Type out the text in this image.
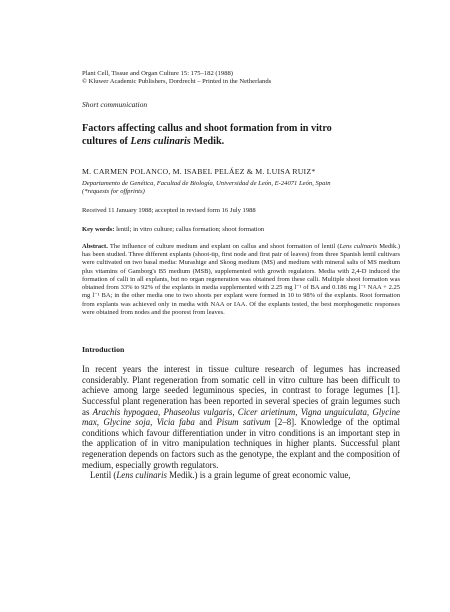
Plant Cell, Tissue and Organ Culture 15: 175–182 (1988)
© Kluwer Academic Publishers, Dordrecht – Printed in the Netherlands
Short communication
Factors affecting callus and shoot formation from in vitro
cultures of Lens culinaris Medik.
M. CARMEN POLANCO, M. ISABEL PELÁEZ & M. LUISA RUIZ*
Departamento de Genética, Facultad de Biología, Universidad de León, E-24071 León, Spain
(*requests for offprints)
Received 11 January 1988; accepted in revised form 16 July 1988
Key words: lentil; in vitro culture; callus formation; shoot formation
Abstract. The influence of culture medium and explant on callus and shoot formation of lentil (Lens culinaris Medik.) has been studied. Three different explants (shoot-tip, first node and first pair of leaves) from three Spanish lentil cultivars were cultivated on two basal media: Murashige and Skoog medium (MS) and medium with mineral salts of MS medium plus vitamins of Gamborg's B5 medium (MSB), supplemented with growth regulators. Media with 2,4-D induced the formation of calli in all explants, but no organ regeneration was obtained from these calli. Multiple shoot formation was obtained from 33% to 92% of the explants in media supplemented with 2.25 mg l⁻¹ of BA and 0.186 mg l⁻¹ NAA + 2.25 mg l⁻¹ BA; in the other media one to two shoots per explant were formed in 10 to 98% of the explants. Root formation from explants was achieved only in media with NAA or IAA. Of the explants tested, the best morphogenetic responses were obtained from nodes and the poorest from leaves.
Introduction

In recent years the interest in tissue culture research of legumes has increased considerably. Plant regeneration from somatic cell in vitro culture has been difficult to achieve among large seeded leguminous species, in contrast to forage legumes [1]. Successful plant regeneration has been reported in several species of grain legumes such as Arachis hypogaea, Phaseolus vulgaris, Cicer arietinum, Vigna unguiculata, Glycine max, Glycine soja, Vicia faba and Pisum sativum [2–8]. Knowledge of the optimal conditions which favour differentiation under in vitro conditions is an important step in the application of in vitro manipulation techniques in higher plants. Successful plant regeneration depends on factors such as the genotype, the explant and the composition of medium, especially growth regulators.

Lentil (Lens culinaris Medik.) is a grain legume of great economic value,
